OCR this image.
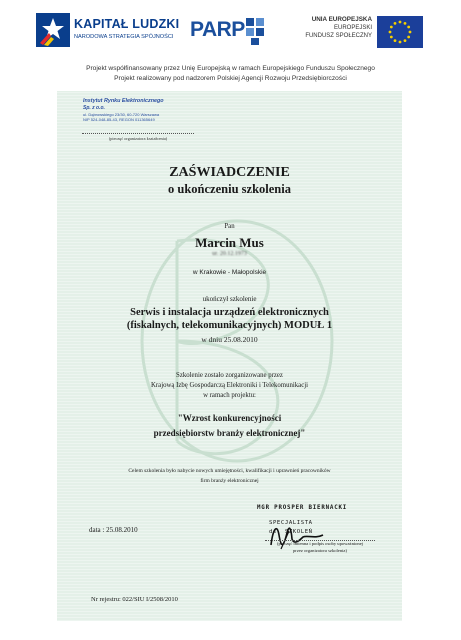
KAPITAŁ LUDZKI
NARODOWA STRATEGIA SPÓJNOŚCI PARP	UNIA EUROPEJSKA
EUROPEJSKI
FUNDUSZ SPOŁECZNY
Projekt współfinansowany przez Unię Europejską w ramach Europejskiego Funduszu Społecznego
Projekt realizowany pod nadzorem Polskiej Agencji Rozwoju Przedsiębiorczości
Instytut Rynku Elektronicznego
Sp. z o.o.
ul. Dąbrowskiego 23/30, 60-720 Warszawa
NIP 524-048-85-43, REGON 011365649
(pieczęć organizatora kształcenia)
ZAŚWIADCZENIE
o ukończeniu szkolenia
Pan
Marcin Mus
ur. 20.12.1973
w Krakowie - Małopolskie
ukończył szkolenie
Serwis i instalacja urządzeń elektronicznych
(fiskalnych, telekomunikacyjnych) MODUŁ 1
w dniu 25.08.2010
Szkolenie zostało zorganizowane przez
Krajową Izbę Gospodarczą Elektroniki i Telekomunikacji
w ramach projektu:
"Wzrost konkurencyjności
przedsiębiorstw branży elektronicznej"
Celem szkolenia było nabycie nowych umiejętności, kwalifikacji i uprawnień pracowników
firm branży elektronicznej
MGR PROSPER BIERNACKI
SPECJALISTA
ds. SZKOLEŃ
data : 25.08.2010
(pieczęć imienna i podpis osoby upoważnionej
przez organizatora szkolenia)
Nr rejestru: 022/SIU I/2508/2010
